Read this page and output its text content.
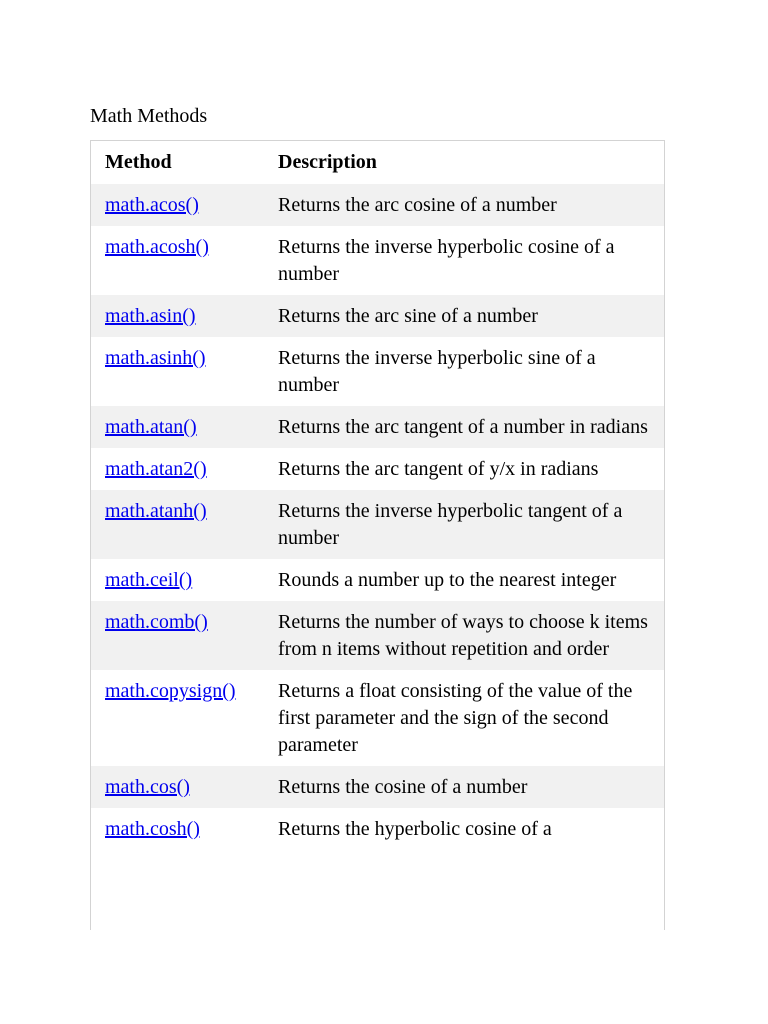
Math Methods
Method	Description
math.acos()	Returns the arc cosine of a number
math.acosh()	Returns the inverse hyperbolic cosine of a number
math.asin()	Returns the arc sine of a number
math.asinh()	Returns the inverse hyperbolic sine of a number
math.atan()	Returns the arc tangent of a number in radians
math.atan2()	Returns the arc tangent of y/x in radians
math.atanh()	Returns the inverse hyperbolic tangent of a number
math.ceil()	Rounds a number up to the nearest integer
math.comb()	Returns the number of ways to choose k items from n items without repetition and order
math.copysign()	Returns a float consisting of the value of the first parameter and the sign of the second parameter
math.cos()	Returns the cosine of a number
math.cosh()	Returns the hyperbolic cosine of a
